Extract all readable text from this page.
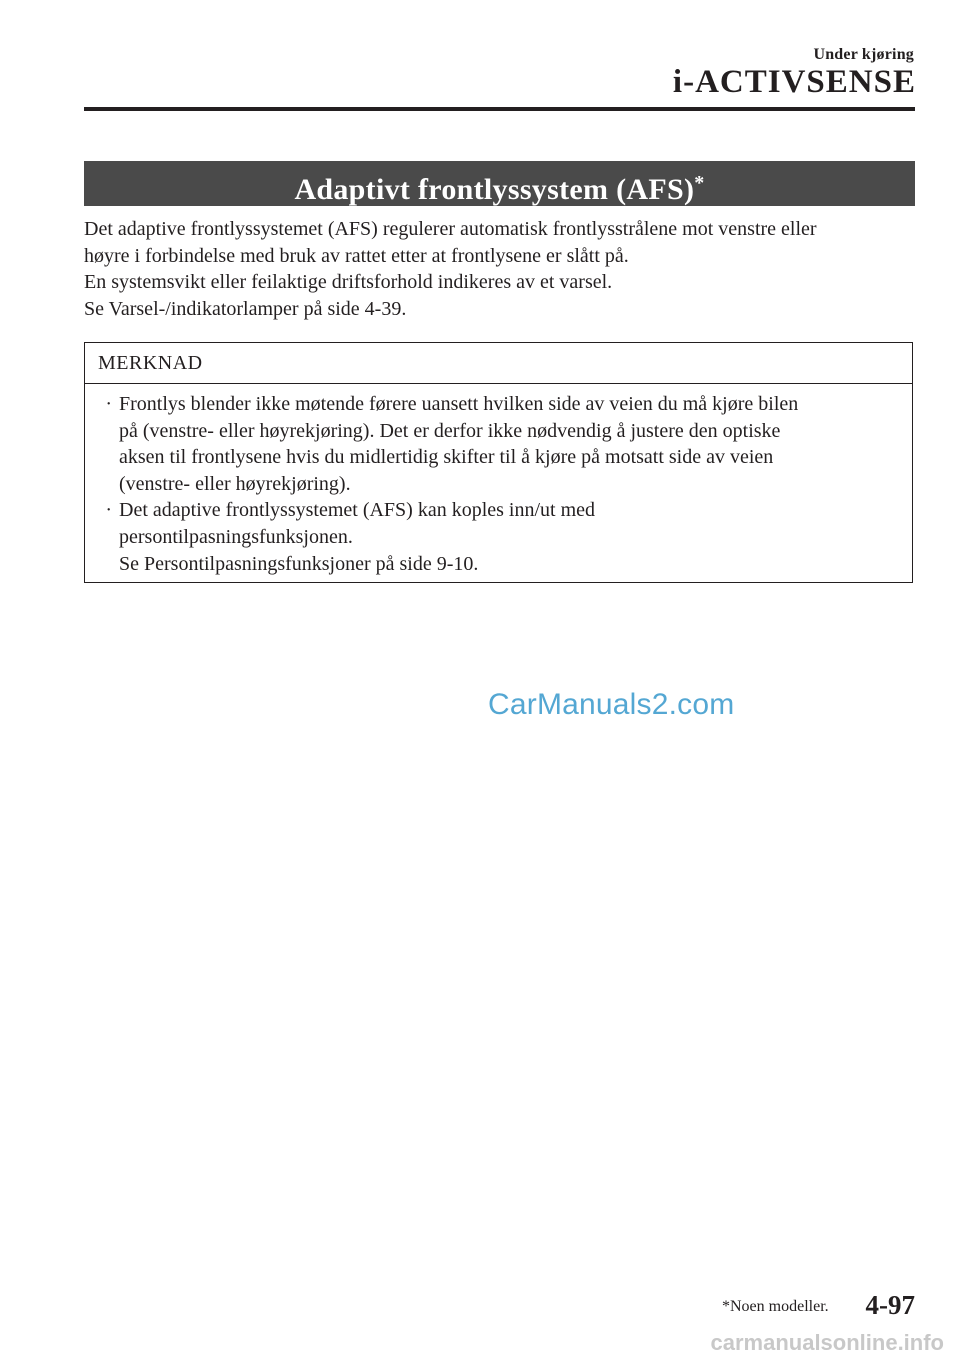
Under kjøring
i-ACTIVSENSE
Adaptivt frontlyssystem (AFS)*

Det adaptive frontlyssystemet (AFS) regulerer automatisk frontlysstrålene mot venstre eller

høyre i forbindelse med bruk av rattet etter at frontlysene er slått på.

En systemsvikt eller feilaktige driftsforhold indikeres av et varsel.

Se Varsel-/indikatorlamper på side 4-39.

MERKNAD
· Frontlys blender ikke møtende førere uansett hvilken side av veien du må kjøre bilen

på (venstre- eller høyrekjøring). Det er derfor ikke nødvendig å justere den optiske

aksen til frontlysene hvis du midlertidig skifter til å kjøre på motsatt side av veien

(venstre- eller høyrekjøring).

· Det adaptive frontlyssystemet (AFS) kan koples inn/ut med

persontilpasningsfunksjonen.

Se Persontilpasningsfunksjoner på side 9-10.

CarManuals2.com
*Noen modeller. 4-97
carmanualsonline.info
